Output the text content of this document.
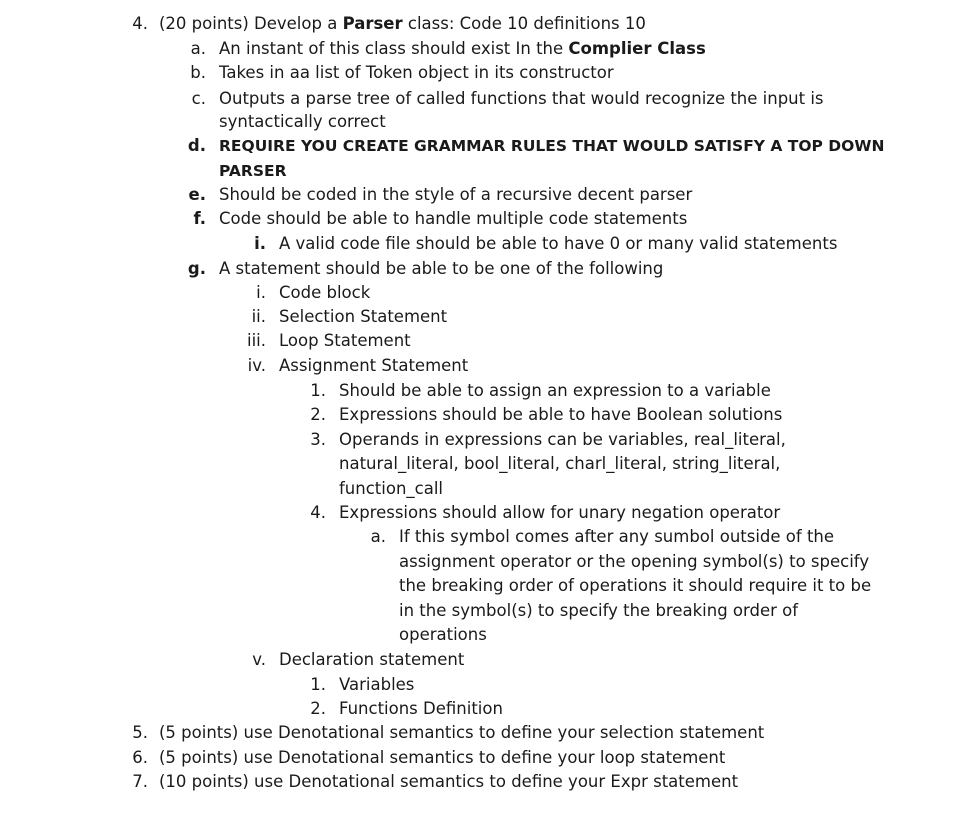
4. (20 points) Develop a Parser class: Code 10 definitions 10
a. An instant of this class should exist In the Complier Class
b. Takes in aa list of Token object in its constructor
c. Outputs a parse tree of called functions that would recognize the input is
syntactically correct
d. REQUIRE YOU CREATE GRAMMAR RULES THAT WOULD SATISFY A TOP DOWN
PARSER
e. Should be coded in the style of a recursive decent parser
f. Code should be able to handle multiple code statements
i. A valid code file should be able to have 0 or many valid statements
g. A statement should be able to be one of the following
i. Code block
ii. Selection Statement
iii. Loop Statement
iv. Assignment Statement
1. Should be able to assign an expression to a variable
2. Expressions should be able to have Boolean solutions
3. Operands in expressions can be variables, real_literal,
natural_literal, bool_literal, charl_literal, string_literal,
function_call
4. Expressions should allow for unary negation operator
a. If this symbol comes after any sumbol outside of the
assignment operator or the opening symbol(s) to specify
the breaking order of operations it should require it to be
in the symbol(s) to specify the breaking order of
operations
v. Declaration statement
1. Variables
2. Functions Definition
5. (5 points) use Denotational semantics to define your selection statement
6. (5 points) use Denotational semantics to define your loop statement
7. (10 points) use Denotational semantics to define your Expr statement
